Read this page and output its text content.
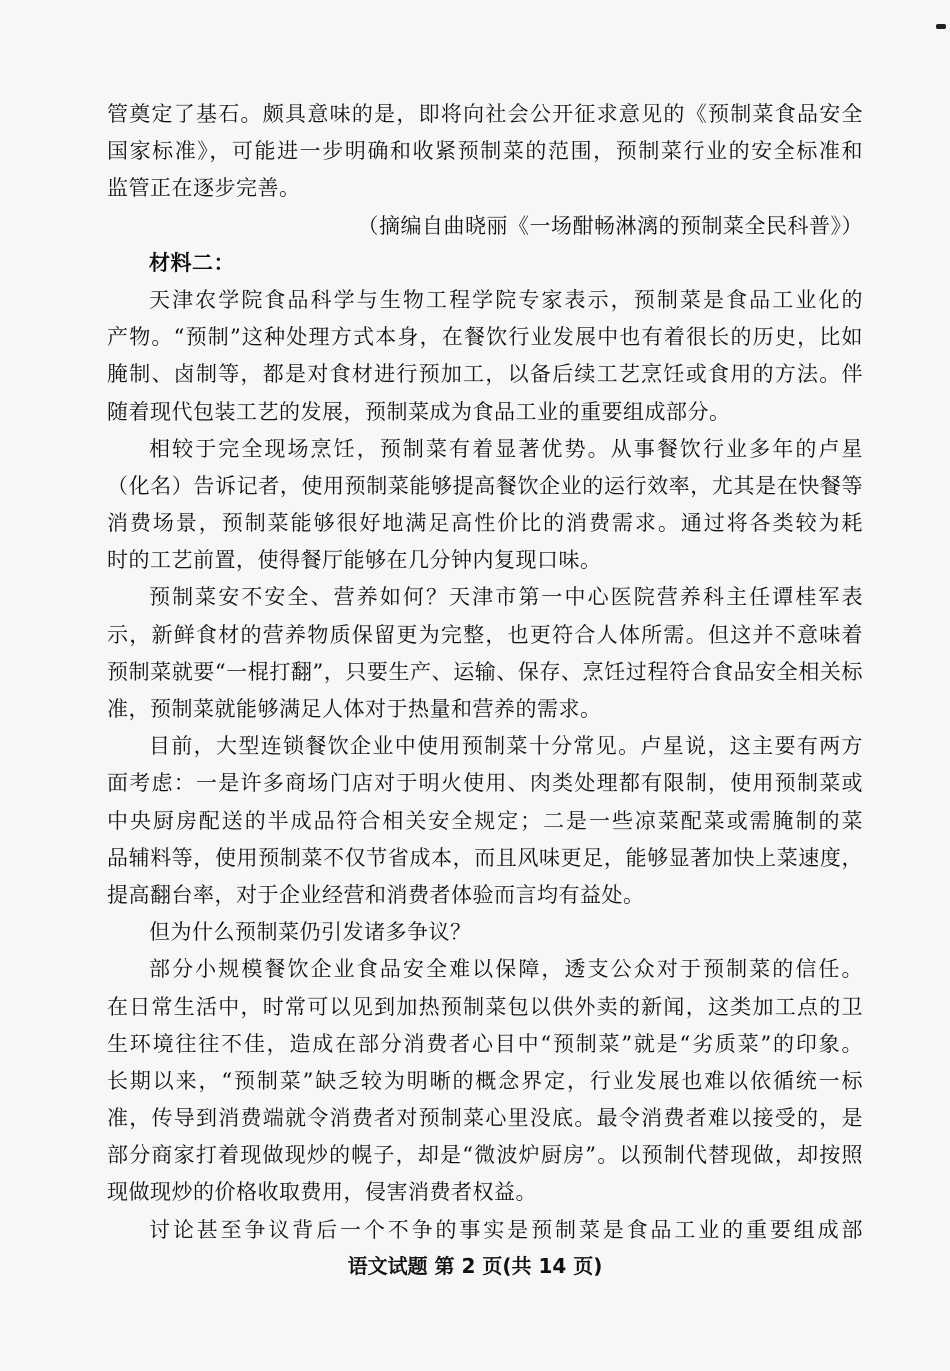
管奠定了基石。颇具意味的是，即将向社会公开征求意见的《预制菜食品安全
国家标准》，可能进一步明确和收紧预制菜的范围，预制菜行业的安全标准和
监管正在逐步完善。
（摘编自曲晓丽《一场酣畅淋漓的预制菜全民科普》）
材料二：
天津农学院食品科学与生物工程学院专家表示，预制菜是食品工业化的
产物。“预制”这种处理方式本身，在餐饮行业发展中也有着很长的历史，比如
腌制、卤制等，都是对食材进行预加工，以备后续工艺烹饪或食用的方法。伴
随着现代包装工艺的发展，预制菜成为食品工业的重要组成部分。
相较于完全现场烹饪，预制菜有着显著优势。从事餐饮行业多年的卢星
（化名）告诉记者，使用预制菜能够提高餐饮企业的运行效率，尤其是在快餐等
消费场景，预制菜能够很好地满足高性价比的消费需求。通过将各类较为耗
时的工艺前置，使得餐厅能够在几分钟内复现口味。
预制菜安不安全、营养如何？天津市第一中心医院营养科主任谭桂军表
示，新鲜食材的营养物质保留更为完整，也更符合人体所需。但这并不意味着
预制菜就要“一棍打翻”，只要生产、运输、保存、烹饪过程符合食品安全相关标
准，预制菜就能够满足人体对于热量和营养的需求。
目前，大型连锁餐饮企业中使用预制菜十分常见。卢星说，这主要有两方
面考虑：一是许多商场门店对于明火使用、肉类处理都有限制，使用预制菜或
中央厨房配送的半成品符合相关安全规定；二是一些凉菜配菜或需腌制的菜
品辅料等，使用预制菜不仅节省成本，而且风味更足，能够显著加快上菜速度，
提高翻台率，对于企业经营和消费者体验而言均有益处。
但为什么预制菜仍引发诸多争议？
部分小规模餐饮企业食品安全难以保障，透支公众对于预制菜的信任。
在日常生活中，时常可以见到加热预制菜包以供外卖的新闻，这类加工点的卫
生环境往往不佳，造成在部分消费者心目中“预制菜”就是“劣质菜”的印象。
长期以来，“预制菜”缺乏较为明晰的概念界定，行业发展也难以依循统一标
准，传导到消费端就令消费者对预制菜心里没底。最令消费者难以接受的，是
部分商家打着现做现炒的幌子，却是“微波炉厨房”。以预制代替现做，却按照
现做现炒的价格收取费用，侵害消费者权益。
讨论甚至争议背后一个不争的事实是预制菜是食品工业的重要组成部
语文试题 第 2 页(共 14 页)
